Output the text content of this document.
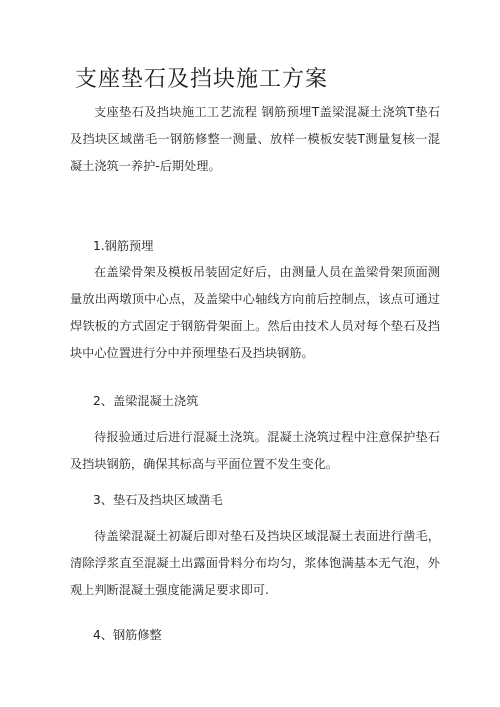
支座垫石及挡块施工方案

支座垫石及挡块施工工艺流程 钢筋预埋T盖梁混凝土浇筑T垫石及挡块区域凿毛一钢筋修整一测量、放样一模板安装T测量复核一混凝土浇筑一养护-后期处理。

1.钢筋预埋

在盖梁骨架及模板吊装固定好后，由测量人员在盖梁骨架顶面测量放出两墩顶中心点，及盖梁中心轴线方向前后控制点，该点可通过焊铁板的方式固定于钢筋骨架面上。然后由技术人员对每个垫石及挡块中心位置进行分中并预埋垫石及挡块钢筋。

2、盖梁混凝土浇筑

待报验通过后进行混凝土浇筑。混凝土浇筑过程中注意保护垫石及挡块钢筋，确保其标高与平面位置不发生变化。

3、垫石及挡块区域凿毛

待盖梁混凝土初凝后即对垫石及挡块区域混凝土表面进行凿毛，清除浮浆直至混凝土出露面骨料分布均匀，浆体饱满基本无气泡，外观上判断混凝土强度能满足要求即可.

4、钢筋修整
